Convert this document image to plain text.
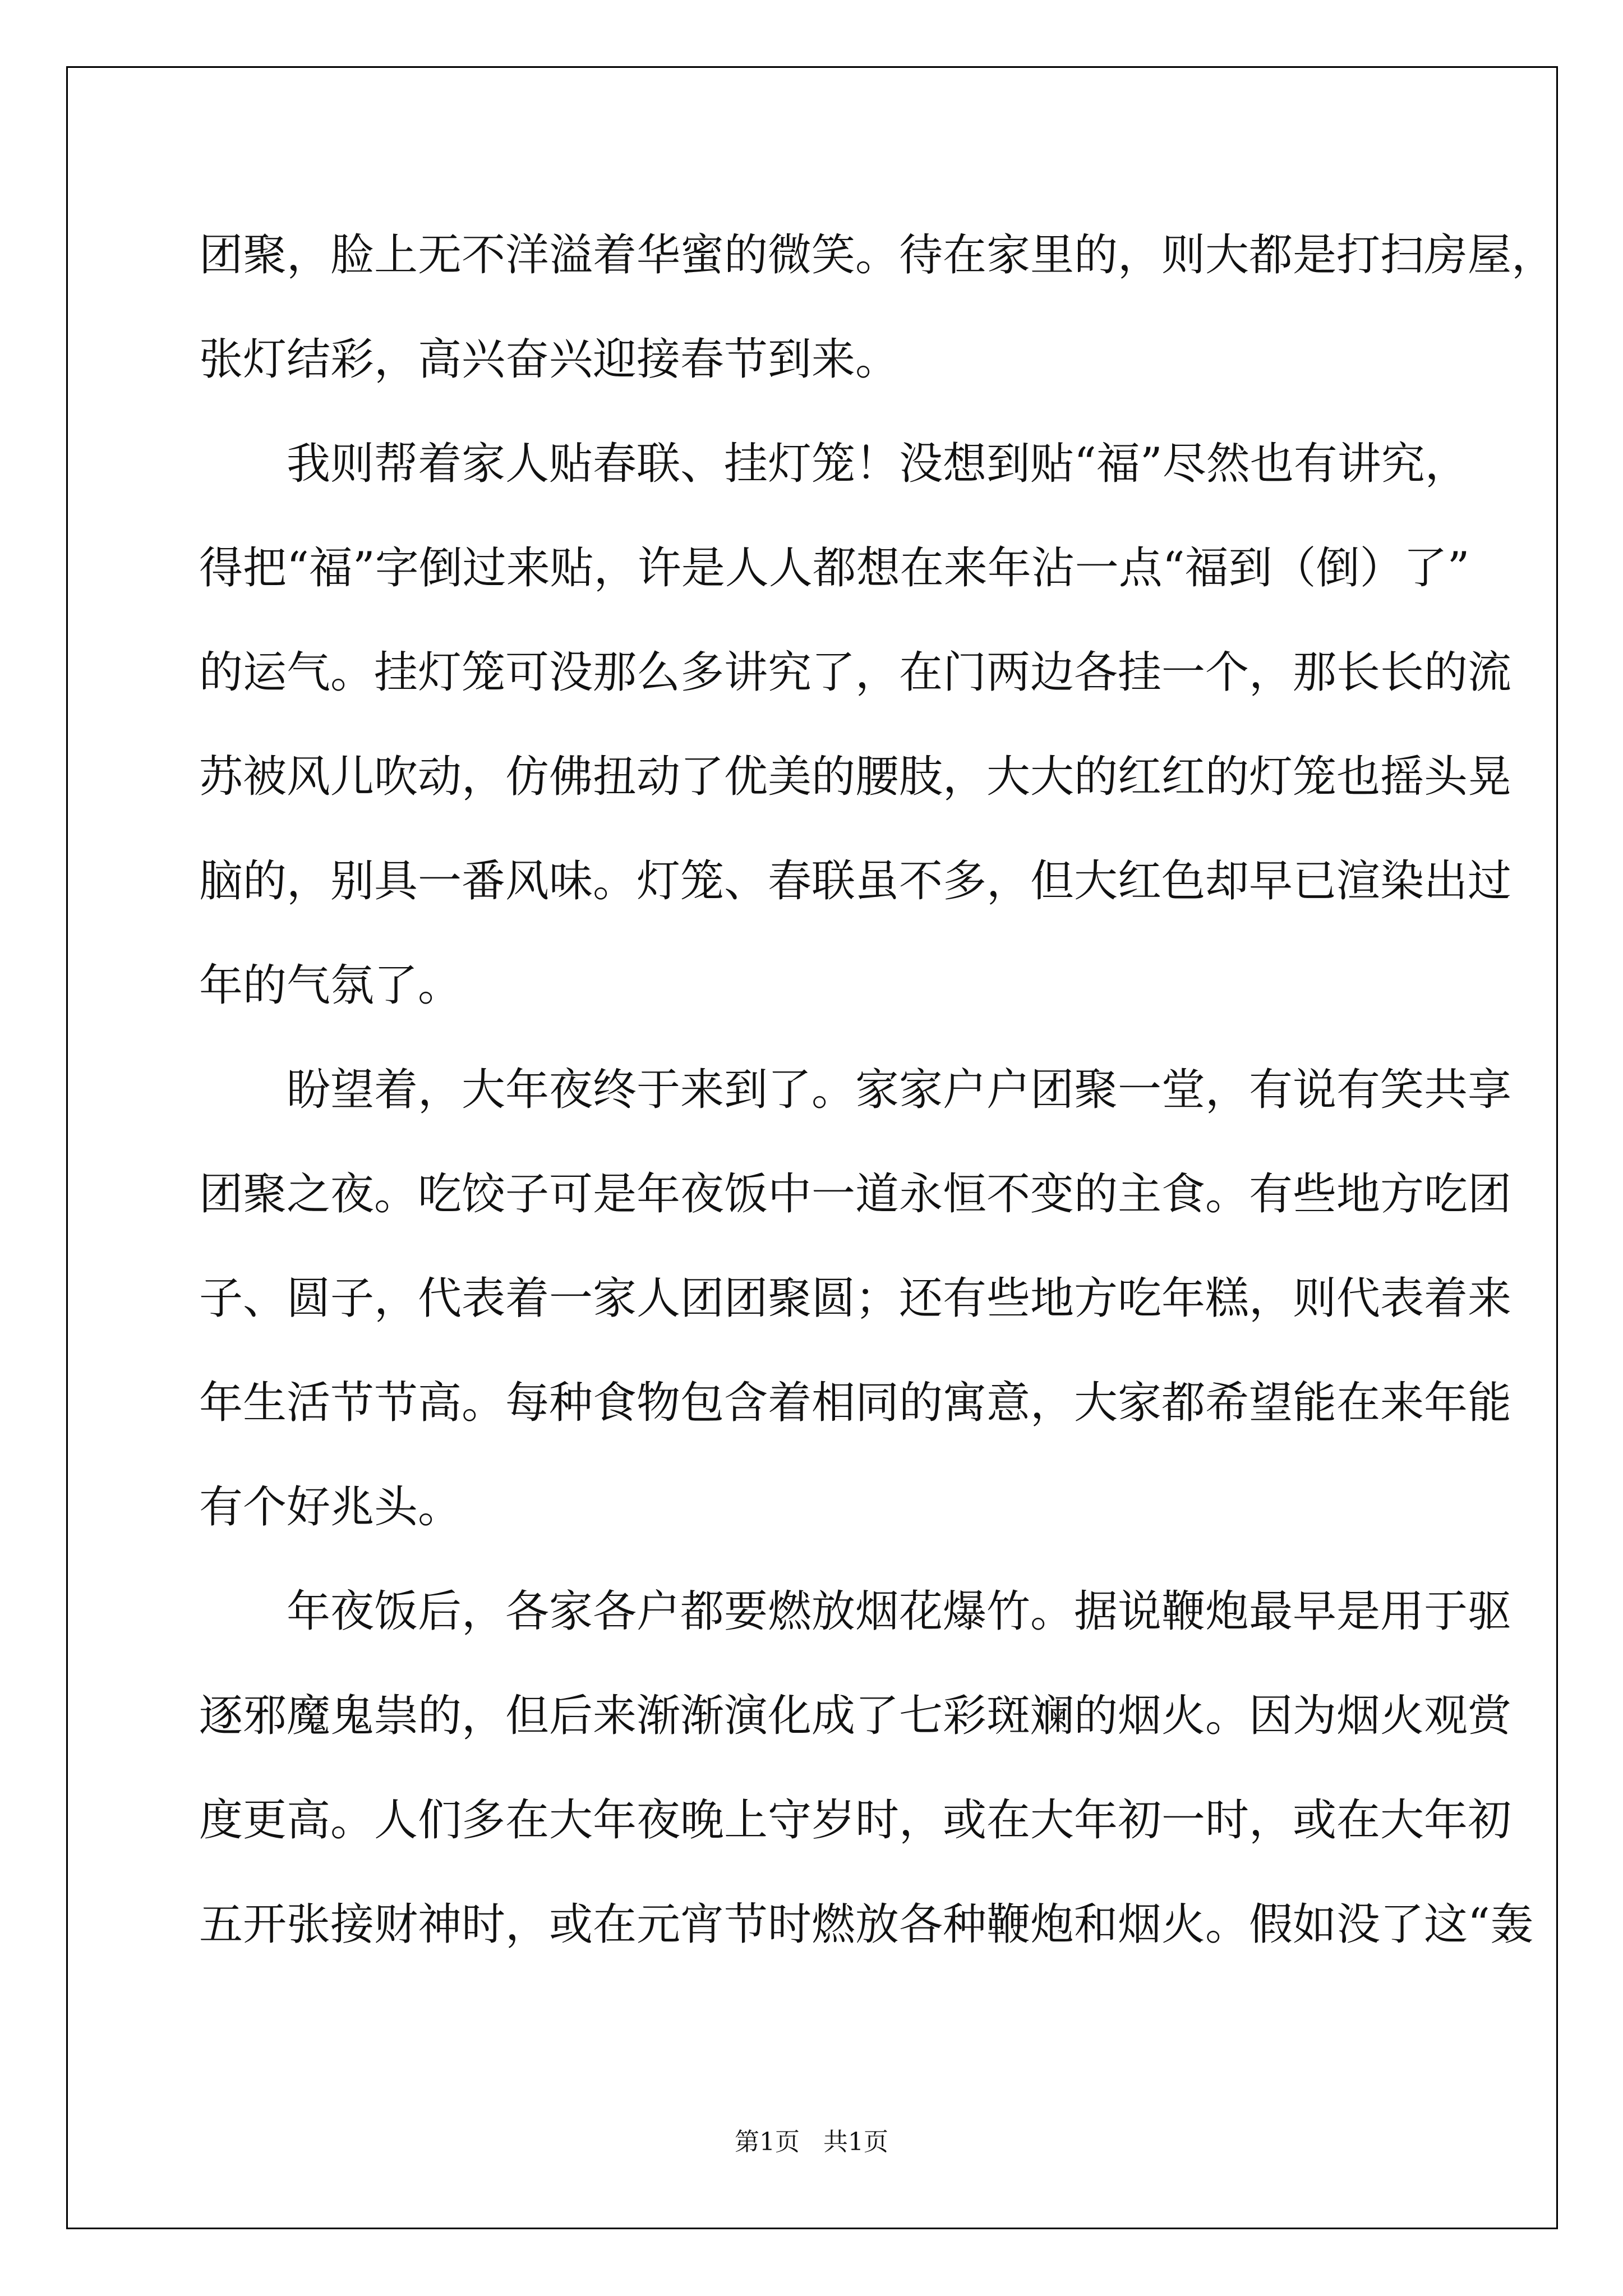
团聚，脸上无不洋溢着华蜜的微笑。待在家里的，则大都是打扫房屋，
张灯结彩，高兴奋兴迎接春节到来。
　　我则帮着家人贴春联、挂灯笼！没想到贴“福”尽然也有讲究，
得把“福”字倒过来贴，许是人人都想在来年沾一点“福到（倒）了”
的运气。挂灯笼可没那么多讲究了，在门两边各挂一个，那长长的流
苏被风儿吹动，仿佛扭动了优美的腰肢，大大的红红的灯笼也摇头晃
脑的，别具一番风味。灯笼、春联虽不多，但大红色却早已渲染出过
年的气氛了。
　　盼望着，大年夜终于来到了。家家户户团聚一堂，有说有笑共享
团聚之夜。吃饺子可是年夜饭中一道永恒不变的主食。有些地方吃团
子、圆子，代表着一家人团团聚圆；还有些地方吃年糕，则代表着来
年生活节节高。每种食物包含着相同的寓意，大家都希望能在来年能
有个好兆头。
　　年夜饭后，各家各户都要燃放烟花爆竹。据说鞭炮最早是用于驱
逐邪魔鬼祟的，但后来渐渐演化成了七彩斑斓的烟火。因为烟火观赏
度更高。人们多在大年夜晚上守岁时，或在大年初一时，或在大年初
五开张接财神时，或在元宵节时燃放各种鞭炮和烟火。假如没了这“轰
第1页   共1页
